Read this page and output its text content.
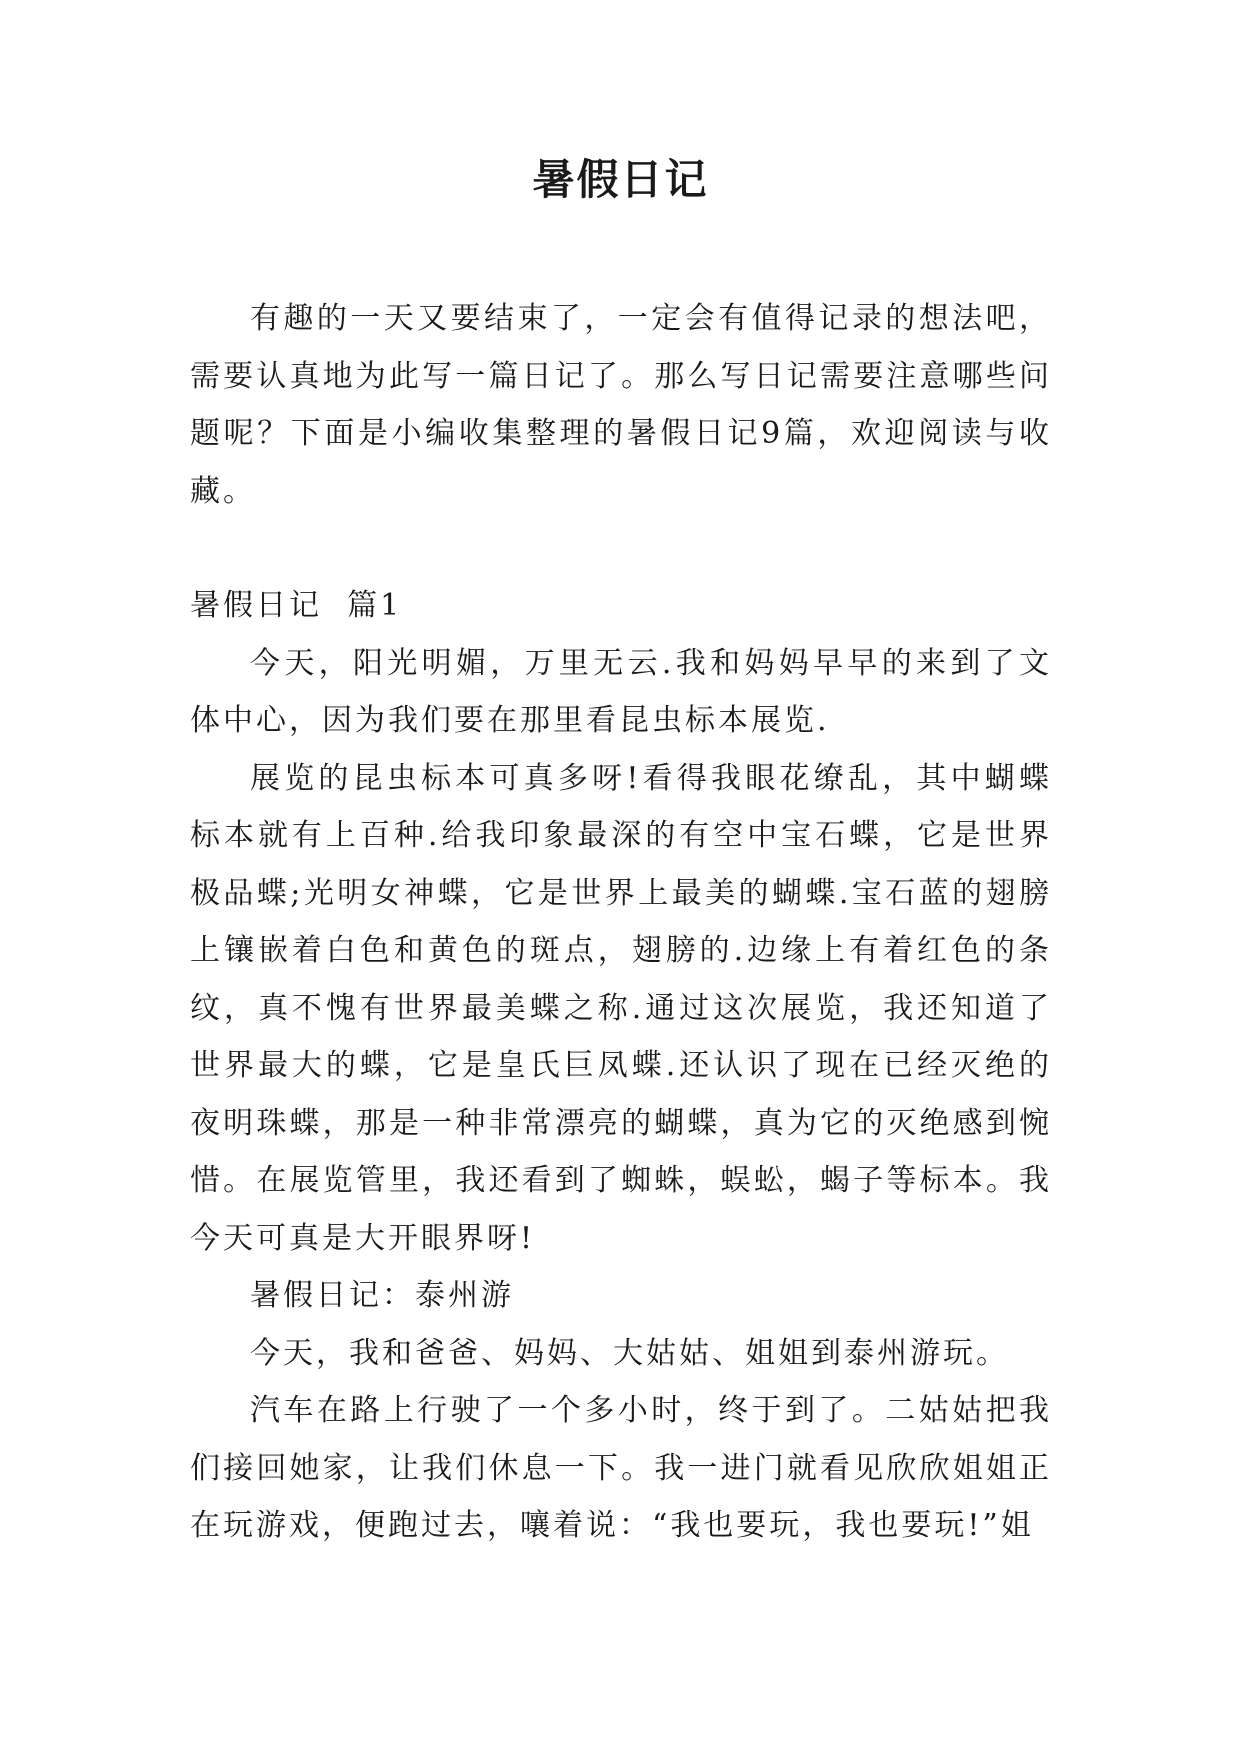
暑假日记

有趣的一天又要结束了，一定会有值得记录的想法吧，需要认真地为此写一篇日记了。那么写日记需要注意哪些问题呢？下面是小编收集整理的暑假日记9篇，欢迎阅读与收藏。

暑假日记  篇1

今天，阳光明媚，万里无云.我和妈妈早早的来到了文体中心，因为我们要在那里看昆虫标本展览.

展览的昆虫标本可真多呀!看得我眼花缭乱，其中蝴蝶标本就有上百种.给我印象最深的有空中宝石蝶，它是世界极品蝶;光明女神蝶，它是世界上最美的蝴蝶.宝石蓝的翅膀上镶嵌着白色和黄色的斑点，翅膀的.边缘上有着红色的条纹，真不愧有世界最美蝶之称.通过这次展览，我还知道了世界最大的蝶，它是皇氏巨凤蝶.还认识了现在已经灭绝的夜明珠蝶，那是一种非常漂亮的蝴蝶，真为它的灭绝感到惋惜。在展览管里，我还看到了蜘蛛，蜈蚣，蝎子等标本。我今天可真是大开眼界呀!

暑假日记：泰州游

今天，我和爸爸、妈妈、大姑姑、姐姐到泰州游玩。

汽车在路上行驶了一个多小时，终于到了。二姑姑把我们接回她家，让我们休息一下。我一进门就看见欣欣姐姐正在玩游戏，便跑过去，嚷着说：“我也要玩，我也要玩!”姐
